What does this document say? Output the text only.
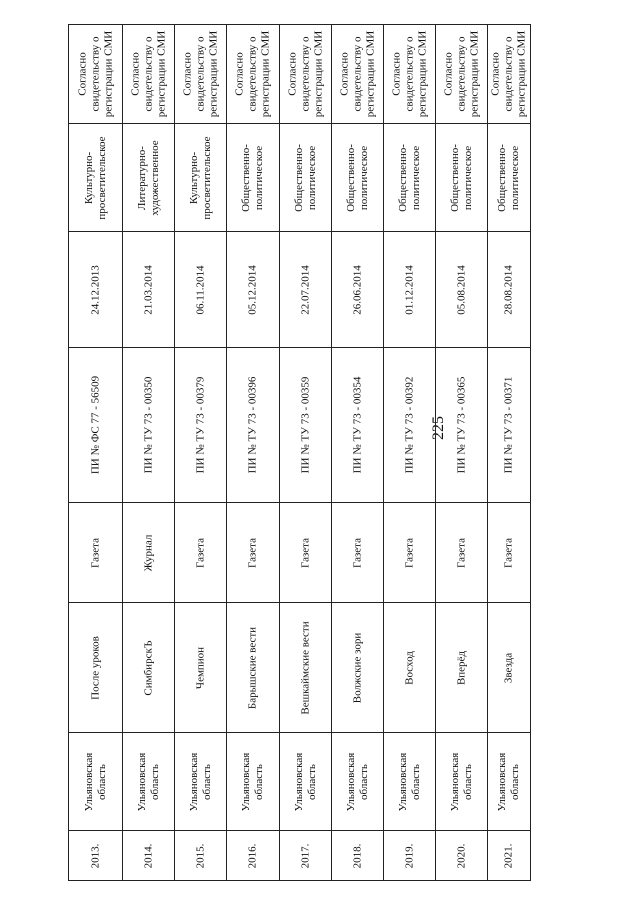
225
Согласно свидетельству о регистрации СМИ
Культурно-просветительское
24.12.2013
ПИ № ФС 77 - 56509
Газета
После уроков
Ульяновская область
2013.
Согласно свидетельству о регистрации СМИ
Литературно-художественное
21.03.2014
ПИ № ТУ 73 - 00350
Журнал
СимбирскЪ
Ульяновская область
2014.
Согласно свидетельству о регистрации СМИ
Культурно-просветительское
06.11.2014
ПИ № ТУ 73 - 00379
Газета
Чемпион
Ульяновская область
2015.
Согласно свидетельству о регистрации СМИ
Общественно-политическое
05.12.2014
ПИ № ТУ 73 - 00396
Газета
Барышские вести
Ульяновская область
2016.
Согласно свидетельству о регистрации СМИ
Общественно-политическое
22.07.2014
ПИ № ТУ 73 - 00359
Газета
Вешкаймские вести
Ульяновская область
2017.
Согласно свидетельству о регистрации СМИ
Общественно-политическое
26.06.2014
ПИ № ТУ 73 - 00354
Газета
Волжские зори
Ульяновская область
2018.
Согласно свидетельству о регистрации СМИ
Общественно-политическое
01.12.2014
ПИ № ТУ 73 - 00392
Газета
Восход
Ульяновская область
2019.
Согласно свидетельству о регистрации СМИ
Общественно-политическое
05.08.2014
ПИ № ТУ 73 - 00365
Газета
Вперёд
Ульяновская область
2020.
Согласно свидетельству о регистрации СМИ
Общественно-политическое
28.08.2014
ПИ № ТУ 73 - 00371
Газета
Звезда
Ульяновская область
2021.
